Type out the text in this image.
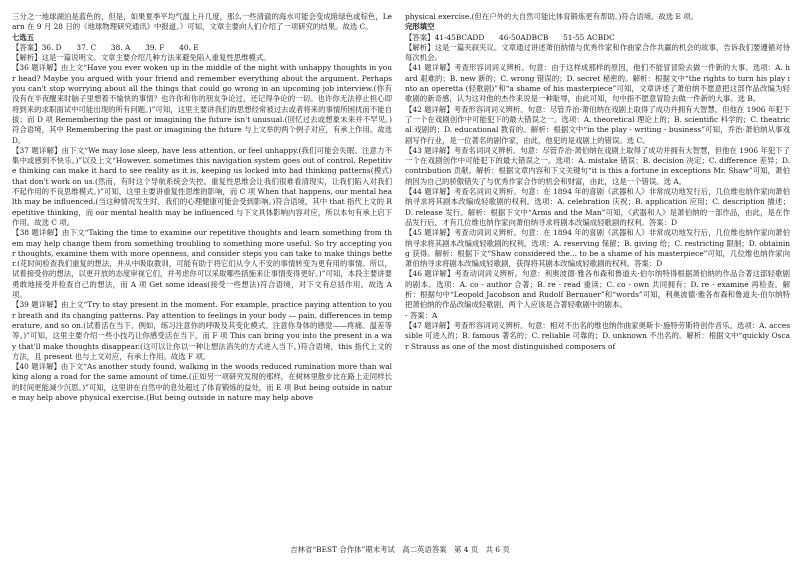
三分之一地球湖泊是蓝色的，但是，如果夏季平均气温上升几度，那么一些清澈的海水可能会变成暗绿色或棕色，Learn 在 9 月 28 日的《地球物理研究通讯》中报道。）可知，文章主要向人们介绍了一项研究的结果。故选 C。

七选五

【答案】36. D　　37. C　　38. A　　39. F　　40. E

【解析】这是一篇说明文。文章主要介绍几种方法来避免陷入重复性思维模式。

【36 题详解】由上文“Have you ever woken up in the middle of the night with unhappy thoughts in your head? Maybe you argued with your friend and remember everything about the argument. Perhaps you can't stop worrying about all the things that could go wrong in an upcoming job interview.(你有没有在半夜醒来时脑子里想着不愉快的事情？也许你和你的朋友争论过，还记得争论的一切。也许你无法停止担心即将到来的求职面试中可能出现的所有问题。)”可知，这里主要讲我们的思想经常被过去或者将来的事情所困扰而不能自拔；而 D 项 Remembering the past or imagining the future isn't unusual.(回忆过去或想象未来并不罕见。)符合语境，其中 Remembering the past or imagining the future 与上文举的两个例子对应，有承上作用。故选 D。

【37 题详解】由下文“We may lose sleep, have less attention, or feel unhappy.(我们可能会失眠、注意力不集中或感到不快乐。)”以及上文“However, sometimes this navigation system goes out of control. Repetitive thinking can make it hard to see reality as it is, keeping us locked into bad thinking patterns(模式) that don't work on us.(然而，有时这个导航系统会失控。重复性思维会让我们很难看清现实，让我们陷入对我们不起作用的不良思维模式。)”可知，这里主要讲重复性思维的影响，而 C 项 When that happens, our mental health may be influenced.(当这种情况发生时，我们的心理健康可能会受到影响。)符合语境，其中 that 指代上文的 Repetitive thinking，而 our mental health may be influenced 与下文具体影响内容对应，所以本句有承上启下作用。故选 C 项。

【38 题详解】由下文“Taking the time to examine our repetitive thoughts and learn something from them may help change them from something troubling to something more useful. So try accepting your thoughts, examine them with more openness, and consider steps you can take to make things better.(花时间检查我们重复的想法，并从中吸取教训，可能有助于将它们从令人不安的事情转变为更有用的事情。所以，试着接受你的想法，以更开放的态度审视它们，并考虑你可以采取哪些措施来让事情变得更好。)”可知，本段主要讲要勇敢地接受并检查自己的想法，而 A 项 Get some ideas(接受一些想法)符合语境，对下文有总括作用。故选 A 项。

【39 题详解】由上文“Try to stay present in the moment. For example, practice paying attention to your breath and its changing patterns. Pay attention to feelings in your body — pain, differences in temperature, and so on.(试着活在当下。例如，练习注意你的呼吸及其变化模式。注意你身体的感觉——疼痛、温差等等。)”可知，这里主要介绍一些小技巧让你感受活在当下，而 F 项 This can bring you into the present in a way that'll make thoughts disappear.(这可以让你以一种让想法消失的方式进入当下。)符合语境，this 指代上文的方法，且 present 也与上文对应，有承上作用。故选 F 项。

【40 题详解】由下文“As another study found, walking in the woods reduced rumination more than walking along a road for the same amount of time.(正如另一项研究发现的那样，在树林里散步比在路上走同样长的时间更能减少沉思。)”可知，这里讲在自然中的息处超过了体育锻炼的益处，而 E 项 But being outside in nature may help above physical exercise.(But being outside in nature may help above

physical exercise.(但在户外的大自然可能比体育锻炼更有帮助。)符合语境。故选 E 项。

完形填空

【答案】41-45BCADD　　46-50ADBCB　　51-55 ACBDC

【解析】这是一篇夹叙夹议。文章通过讲述萧伯纳情与优秀作家和作曲家合作共赢的机会的故事，告诉我们要遵循对待每次机会。

【41 题详解】考查形容词词义辨析。句意：由于这样成那样的原因，他们不能冒冒险去做一件新的大事。选项：A. hard 艰难的；B. new 新的；C. wrong 错误的；D. secret 秘密的。解析：根据文中“the rights to turn his play into an operetta (轻歌剧)”和“a shame of his masterpiece”可知，文章讲述了萧伯纳不愿意把这部作品改编为轻歌剧的新奇感，认为这对他的杰作来说是一种耻辱，由此可知，句中指不愿意冒险去做一件新的大事。选 B。

【42 题详解】考查形容词词义辨析。句意：尽管乔治·萧伯纳在戏剧上取得了成功并拥有大智慧，但他在 1906 年犯下了一个在戏剧创作中可能犯下的最大错误之一。选项：A. theoretical 理论上的；B. scientific 科学的；C. theatrical 戏剧的；D. educational 教育的。解析：根据文中“in the play - writing - business”可知，乔治·萧伯纳从事戏剧写作行业，是一位著名的剧作家，由此，他犯的是戏剧上的错误。选 C。

【43 题详解】考查名词词义辨析。句意：尽管乔治·萧伯纳在戏剧上取得了成功并拥有大智慧，但他在 1906 年犯下了一个在戏剧创作中可能犯下的最大错误之一。选项：A. mistake 错误；B. decision 决定；C. difference 差异；D. contribution 贡献。解析：根据文章内容和下文关键句“it is this a fortune in exceptions Mr. Shaw”可知，萧伯纳因为自己的骄傲错失了与优秀作家合作的机会和财富，由此，这是一个错误。选 A。

【44 题详解】考查名词词义辨析。句意：在 1894 年的喜剧《武器和人》非常成功地发行后，几位维也纳作家向萧伯纳寻求将其剧本改编成轻歌剧的权利。选项：A. celebration 庆祝；B. application 应用；C. description 描述；D. release 发行。解析：根据下文中“Arms and the Man”可知，《武器和人》是萧伯纳的一部作品，由此，是在作品发行后，才有几位维也纳作家向萧伯纳寻求将剧本改编成轻歌剧的权利。答案：D

【45 题详解】考查动词词义辨析。句意：在 1894 年的喜剧《武器和人》非常成功地发行后，几位维也纳作家向萧伯纳寻求将其剧本改编成轻歌剧的权利。选项：A. reserving 保留；B. giving 给；C. restricting 限制；D. obtaining 获得。解析：根据下文“Shaw considered the... to be a shame of his masterpiece”可知，几位维也纳作家向萧伯纳寻求将剧本改编成轻歌剧，获得将其剧本改编成轻歌剧的权利。答案：D

【46 题详解】考查动词词义辨析。句意：利奥波德·雅各布森和鲁道夫·伯尔纳特得根据萧伯纳的作品合著这部轻歌剧的剧本。选项：A. co - author 合著；B. re - read 重读；C. co - own 共同拥有；D. re - examine 再检查。解析：根据句中“Leopold Jacobson and Rudolf Bernauer”和“words”可知，利奥波德·雅各布森和鲁道夫·伯尔纳特把萧伯纳的作品改编成轻歌剧，两个人应该是合著轻歌剧中的剧本。

- 答案：A

【47 题详解】考查形容词词义辨析。句意：相对不出名的维也纳作曲家奥斯卡·施特劳斯将创作音乐。选项：A. accessible 可进入的；B. famous 著名的；C. reliable 可靠的；D. unknown 不出名的。解析：根据文中“quickly Oscar Strauss as one of the most distinguished composers of

吉林省“BEST 合作体”期末考试　高二英语答案　第 4 页　共 6 页
